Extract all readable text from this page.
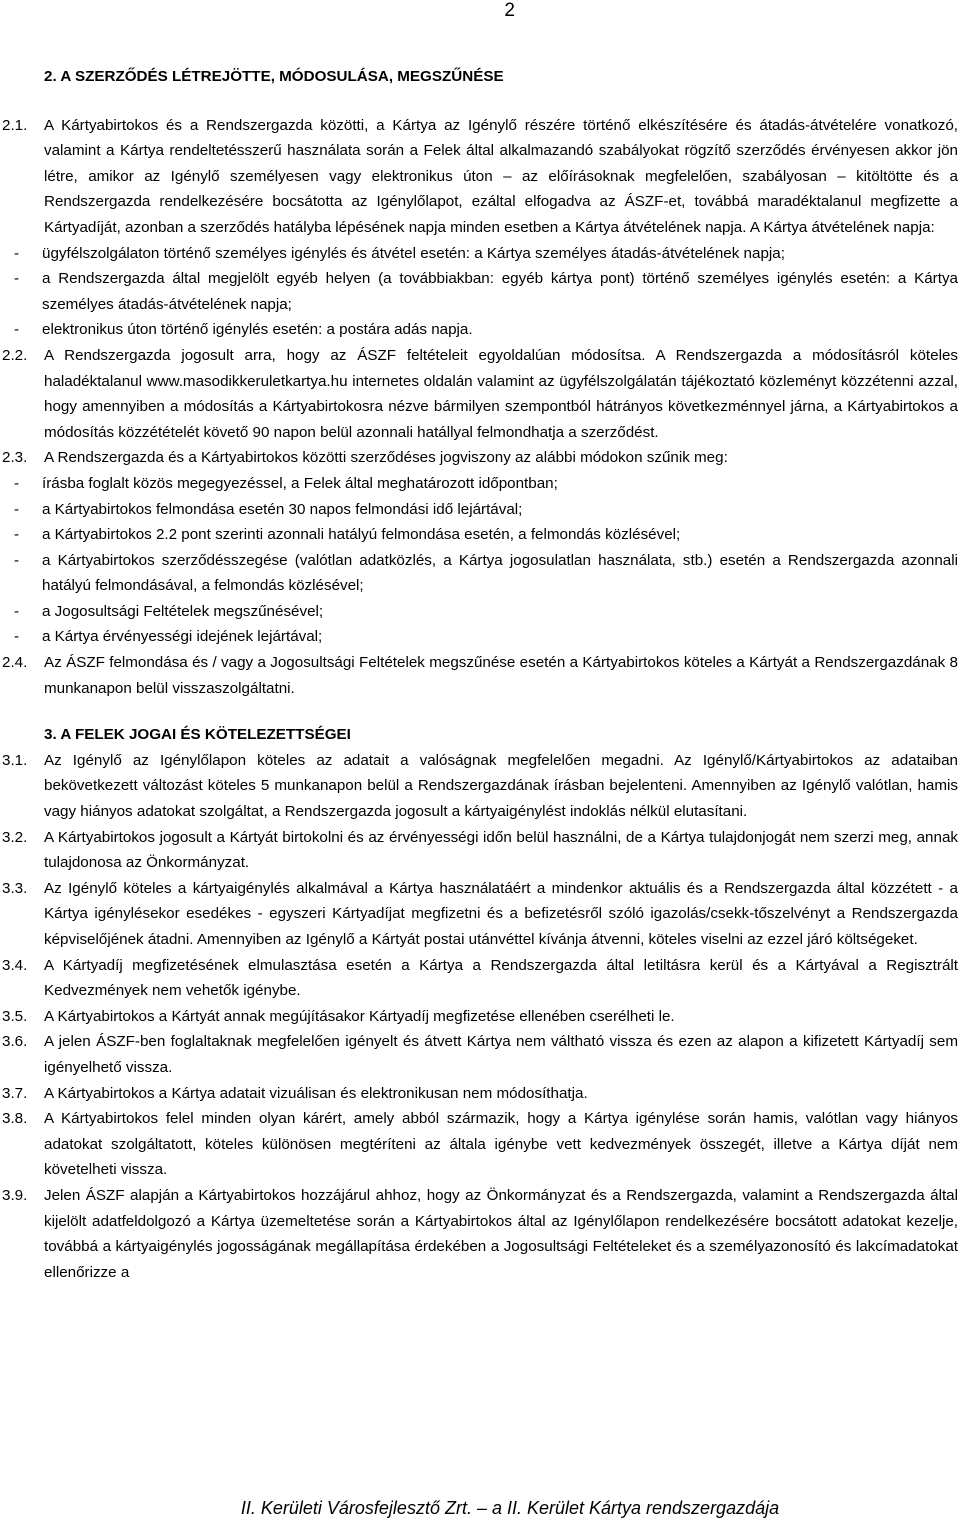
2
2. A SZERZŐDÉS LÉTREJÖTTE, MÓDOSULÁSA, MEGSZŰNÉSE
2.1.	A Kártyabirtokos és a Rendszergazda közötti, a Kártya az Igénylő részére történő elkészítésére és átadás-átvételére vonatkozó, valamint a Kártya rendeltetésszerű használata során a Felek által alkalmazandó szabályokat rögzítő szerződés érvényesen akkor jön létre, amikor az Igénylő személyesen vagy elektronikus úton – az előírásoknak megfelelően, szabályosan – kitöltötte és a Rendszergazda rendelkezésére bocsátotta az Igénylőlapot, ezáltal elfogadva az ÁSZF-et, továbbá maradéktalanul megfizette a Kártyadíját, azonban a szerződés hatályba lépésének napja minden esetben a Kártya átvételének napja. A Kártya átvételének napja:

-	ügyfélszolgálaton történő személyes igénylés és átvétel esetén: a Kártya személyes átadás-átvételének napja;
-	a Rendszergazda által megjelölt egyéb helyen (a továbbiakban: egyéb kártya pont) történő személyes igénylés esetén: a Kártya személyes átadás-átvételének napja;
-	elektronikus úton történő igénylés esetén: a postára adás napja.
2.2.	A Rendszergazda jogosult arra, hogy az ÁSZF feltételeit egyoldalúan módosítsa. A Rendszergazda a módosításról köteles haladéktalanul www.masodikkeruletkartya.hu internetes oldalán valamint az ügyfélszolgálatán tájékoztató közleményt közzétenni azzal, hogy amennyiben a módosítás a Kártyabirtokosra nézve bármilyen szempontból hátrányos következménnyel járna, a Kártyabirtokos a módosítás közzétételét követő 90 napon belül azonnali hatállyal felmondhatja a szerződést.

2.3.	A Rendszergazda és a Kártyabirtokos közötti szerződéses jogviszony az alábbi módokon szűnik meg:

-	írásba foglalt közös megegyezéssel, a Felek által meghatározott időpontban;
-	a Kártyabirtokos felmondása esetén 30 napos felmondási idő lejártával;
-	a Kártyabirtokos 2.2 pont szerinti azonnali hatályú felmondása esetén, a felmondás közlésével;
-	a Kártyabirtokos szerződésszegése (valótlan adatközlés, a Kártya jogosulatlan használata, stb.) esetén a Rendszergazda azonnali hatályú felmondásával, a felmondás közlésével;
-	a Jogosultsági Feltételek megszűnésével;
-	a Kártya érvényességi idejének lejártával;
2.4.	Az ÁSZF felmondása és / vagy a Jogosultsági Feltételek megszűnése esetén a Kártyabirtokos köteles a Kártyát a Rendszergazdának 8 munkanapon belül visszaszolgáltatni.

3. A FELEK JOGAI ÉS KÖTELEZETTSÉGEI
3.1.	Az Igénylő az Igénylőlapon köteles az adatait a valóságnak megfelelően megadni. Az Igénylő/Kártyabirtokos az adataiban bekövetkezett változást köteles 5 munkanapon belül a Rendszergazdának írásban bejelenteni. Amennyiben az Igénylő valótlan, hamis vagy hiányos adatokat szolgáltat, a Rendszergazda jogosult a kártyaigénylést indoklás nélkül elutasítani.

3.2.	A Kártyabirtokos jogosult a Kártyát birtokolni és az érvényességi időn belül használni, de a Kártya tulajdonjogát nem szerzi meg, annak tulajdonosa az Önkormányzat.

3.3.	Az Igénylő köteles a kártyaigénylés alkalmával a Kártya használatáért a mindenkor aktuális és a Rendszergazda által közzétett - a Kártya igénylésekor esedékes - egyszeri Kártyadíjat megfizetni és a befizetésről szóló igazolás/csekk-tőszelvényt a Rendszergazda képviselőjének átadni. Amennyiben az Igénylő a Kártyát postai utánvéttel kívánja átvenni, köteles viselni az ezzel járó költségeket.

3.4.	A Kártyadíj megfizetésének elmulasztása esetén a Kártya a Rendszergazda által letiltásra kerül és a Kártyával a Regisztrált Kedvezmények nem vehetők igénybe.

3.5.	A Kártyabirtokos a Kártyát annak megújításakor Kártyadíj megfizetése ellenében cserélheti le.

3.6.	A jelen ÁSZF-ben foglaltaknak megfelelően igényelt és átvett Kártya nem váltható vissza és ezen az alapon a kifizetett Kártyadíj sem igényelhető vissza.

3.7.	A Kártyabirtokos a Kártya adatait vizuálisan és elektronikusan nem módosíthatja.

3.8.	A Kártyabirtokos felel minden olyan kárért, amely abból származik, hogy a Kártya igénylése során hamis, valótlan vagy hiányos adatokat szolgáltatott, köteles különösen megtéríteni az általa igénybe vett kedvezmények összegét, illetve a Kártya díját nem követelheti vissza.

3.9.	Jelen ÁSZF alapján a Kártyabirtokos hozzájárul ahhoz, hogy az Önkormányzat és a Rendszergazda, valamint a Rendszergazda által kijelölt adatfeldolgozó a Kártya üzemeltetése során a Kártyabirtokos által az Igénylőlapon rendelkezésére bocsátott adatokat kezelje, továbbá a kártyaigénylés jogosságának megállapítása érdekében a Jogosultsági Feltételeket és a személyazonosító és lakcímadatokat ellenőrizze a

II. Kerületi Városfejlesztő Zrt. – a II. Kerület Kártya rendszergazdája
